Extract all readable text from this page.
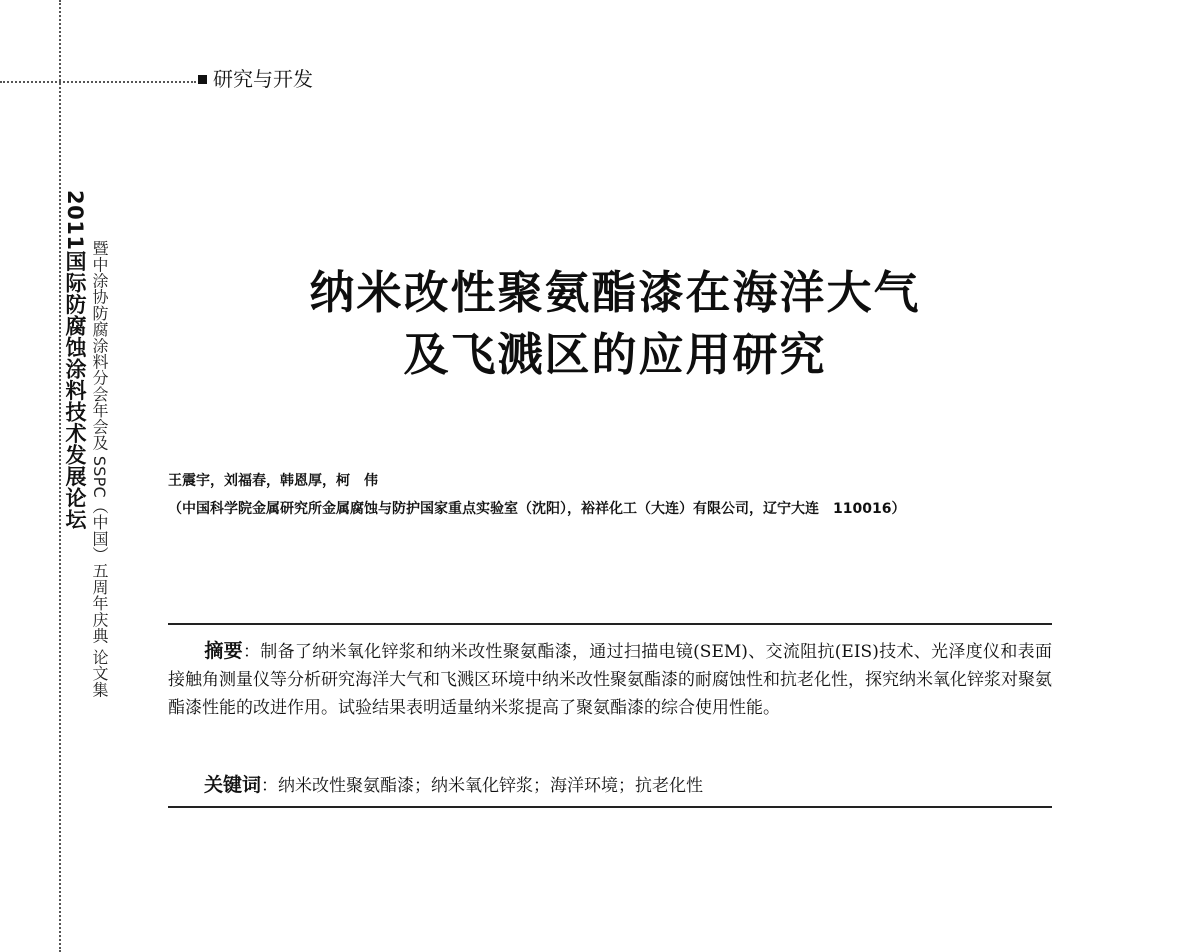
研究与开发
2011国际防腐蚀涂料技术发展论坛 暨中涂协防腐涂料分会年会及 SSPC（中国）五周年庆典 论文集	纳米改性聚氨酯漆在海洋大气
及飞溅区的应用研究
王震宇，刘福春，韩恩厚，柯　伟
（中国科学院金属研究所金属腐蚀与防护国家重点实验室（沈阳），裕祥化工（大连）有限公司，辽宁大连　110016）
摘要：制备了纳米氧化锌浆和纳米改性聚氨酯漆，通过扫描电镜(SEM)、交流阻抗(EIS)技术、光泽度仪和表面接触角测量仪等分析研究海洋大气和飞溅区环境中纳米改性聚氨酯漆的耐腐蚀性和抗老化性，探究纳米氧化锌浆对聚氨酯漆性能的改进作用。试验结果表明适量纳米浆提高了聚氨酯漆的综合使用性能。
关键词：纳米改性聚氨酯漆；纳米氧化锌浆；海洋环境；抗老化性
